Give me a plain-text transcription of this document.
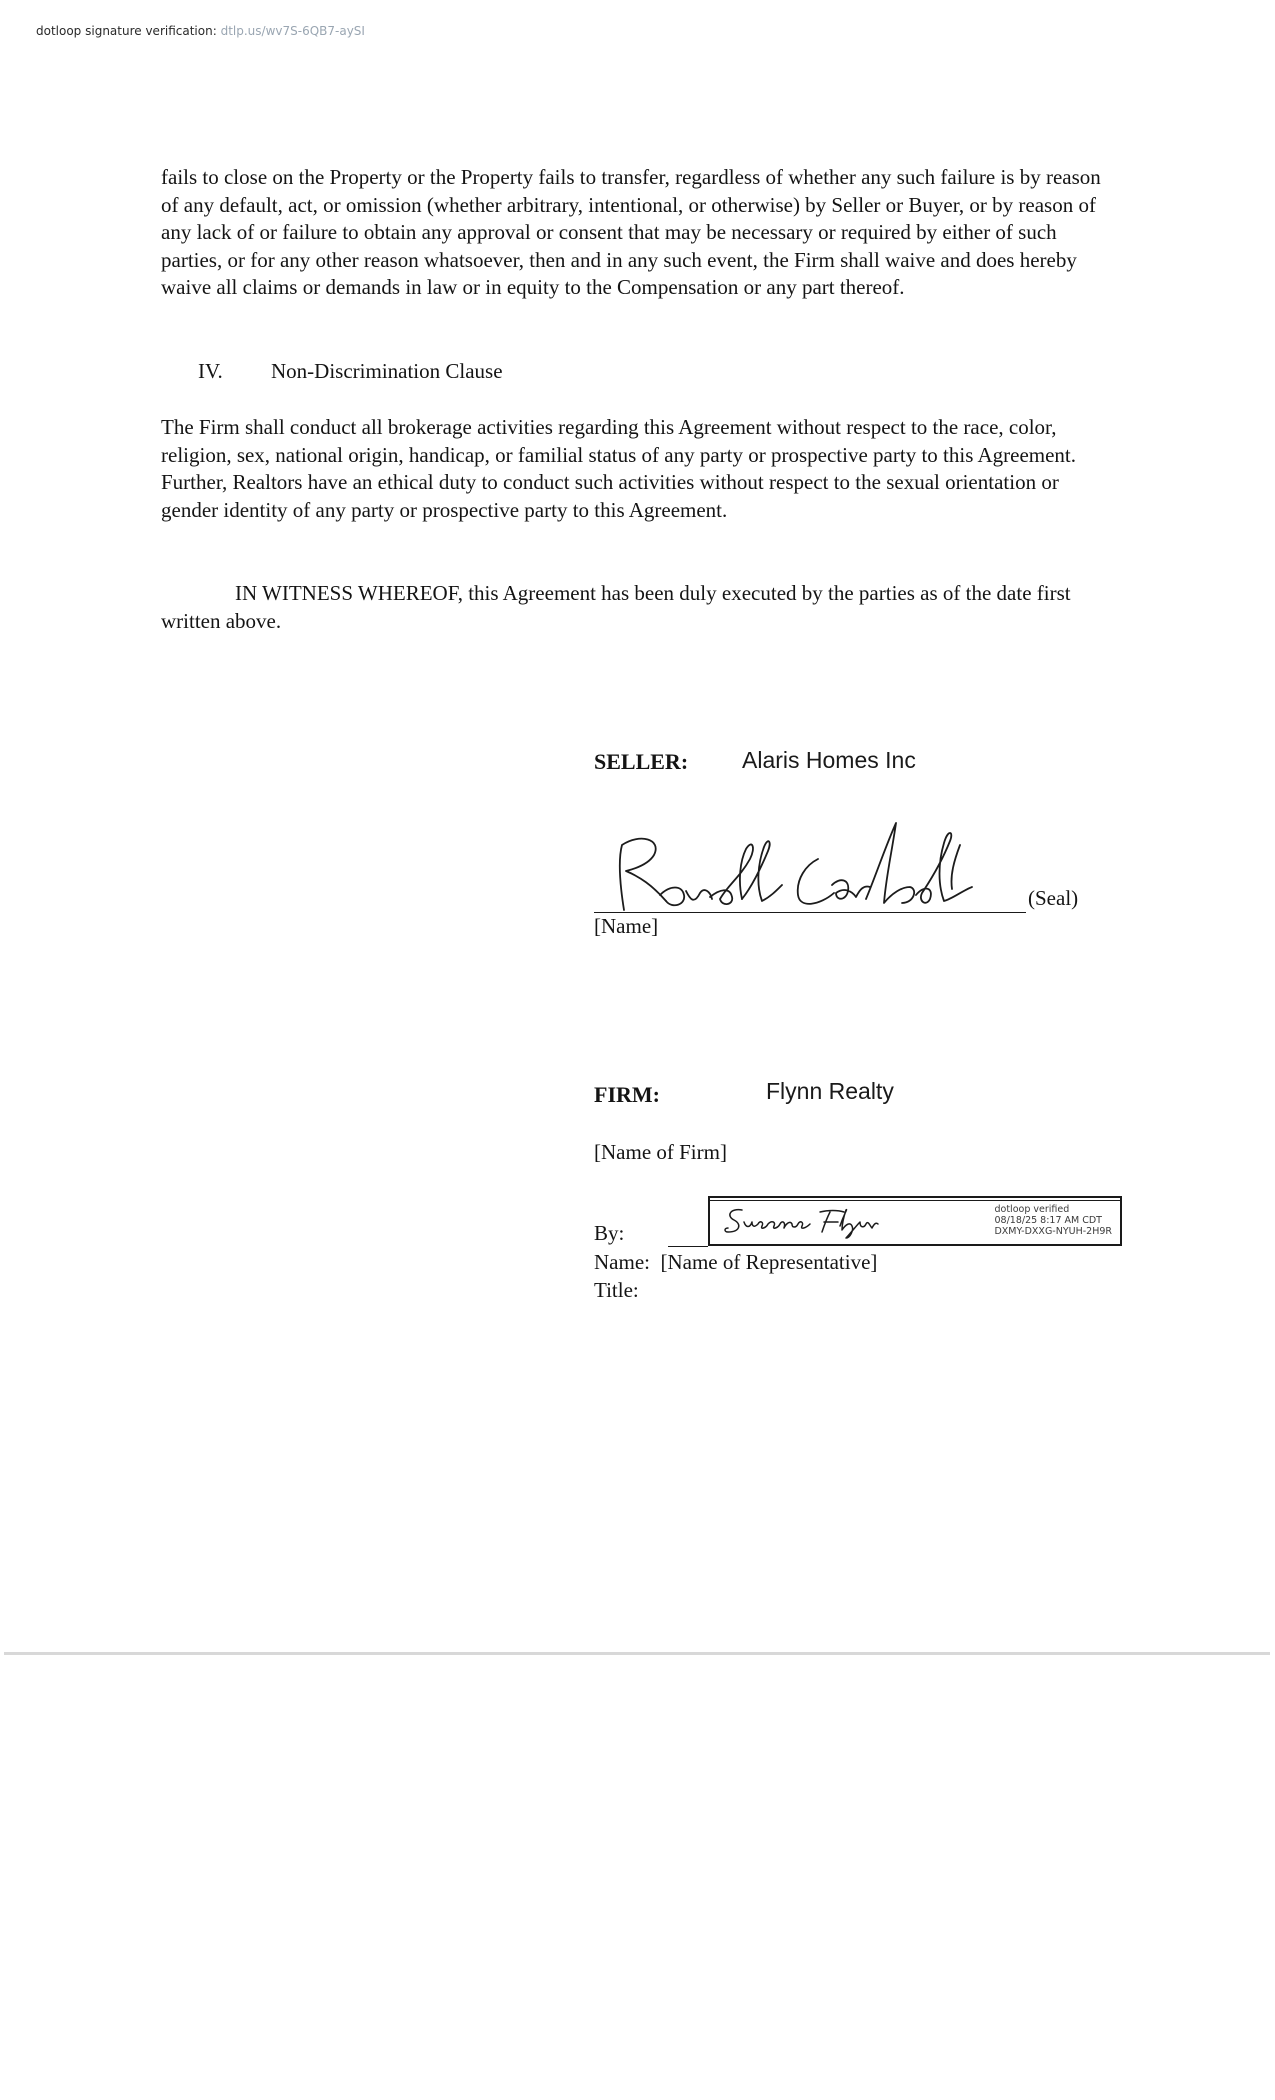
dotloop signature verification: dtlp.us/wv7S-6QB7-aySI

fails to close on the Property or the Property fails to transfer, regardless of whether any such failure is by reason of any default, act, or omission (whether arbitrary, intentional, or otherwise) by Seller or Buyer, or by reason of any lack of or failure to obtain any approval or consent that may be necessary or required by either of such parties, or for any other reason whatsoever, then and in any such event, the Firm shall waive and does hereby waive all claims or demands in law or in equity to the Compensation or any part thereof.

IV. Non-Discrimination Clause

The Firm shall conduct all brokerage activities regarding this Agreement without respect to the race, color, religion, sex, national origin, handicap, or familial status of any party or prospective party to this Agreement. Further, Realtors have an ethical duty to conduct such activities without respect to the sexual orientation or gender identity of any party or prospective party to this Agreement.

IN WITNESS WHEREOF, this Agreement has been duly executed by the parties as of the date first written above.

SELLER: Alaris Homes Inc
(Seal)
[Name]
FIRM:	Flynn Realty
[Name of Firm]
By:
dotloop verified
08/18/25 8:17 AM CDT
DXMY-DXXG-NYUH-2H9R
Name:  [Name of Representative]
Title:
